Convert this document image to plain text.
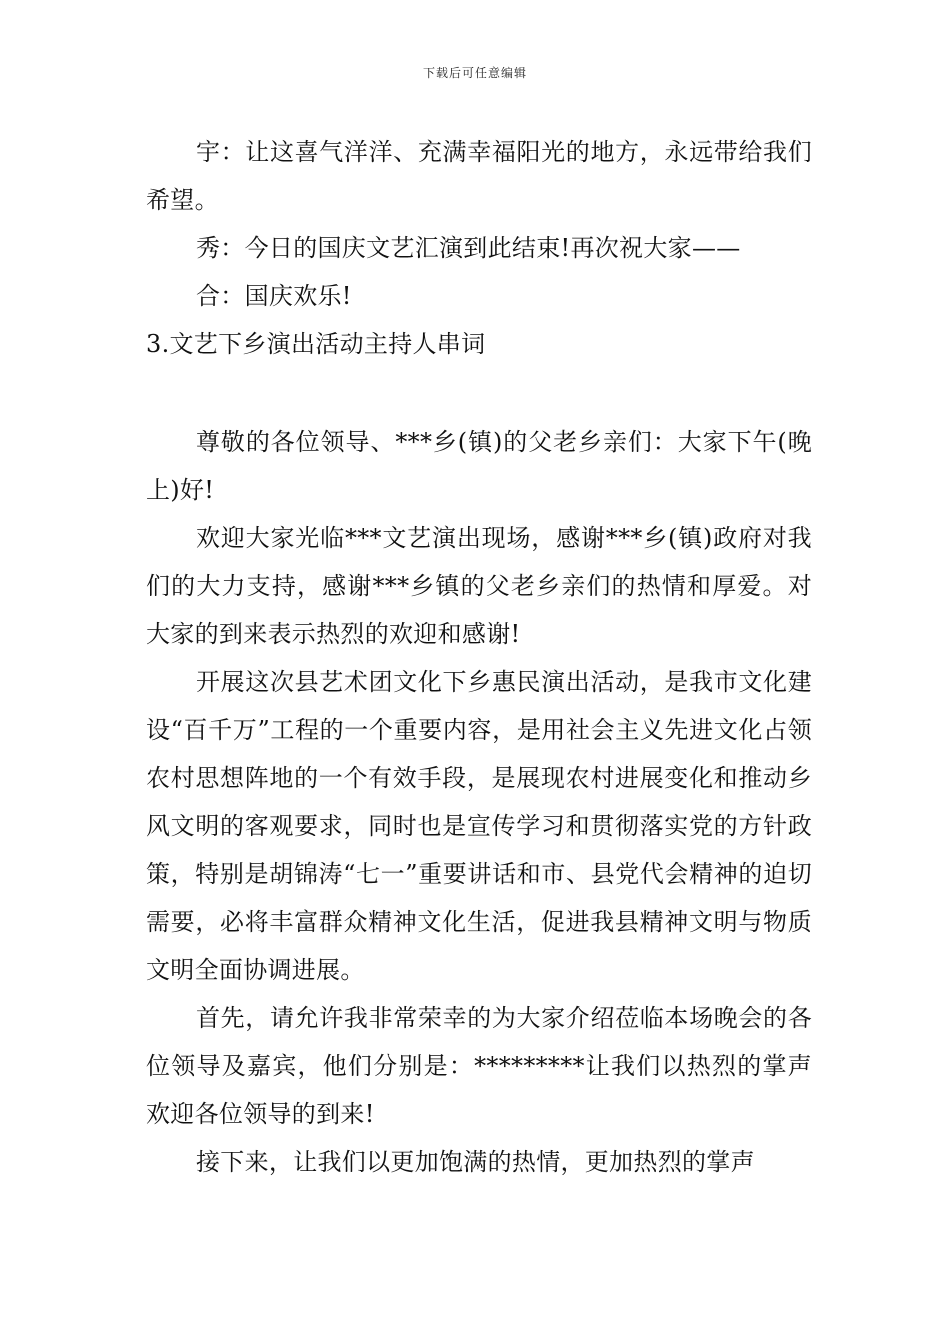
下载后可任意编辑

宇：让这喜气洋洋、充满幸福阳光的地方，永远带给我们希望。

秀：今日的国庆文艺汇演到此结束!再次祝大家——

合：国庆欢乐!

3.文艺下乡演出活动主持人串词

尊敬的各位领导、***乡(镇)的父老乡亲们：大家下午(晚上)好!

欢迎大家光临***文艺演出现场，感谢***乡(镇)政府对我们的大力支持，感谢***乡镇的父老乡亲们的热情和厚爱。对大家的到来表示热烈的欢迎和感谢!

开展这次县艺术团文化下乡惠民演出活动，是我市文化建设“百千万”工程的一个重要内容，是用社会主义先进文化占领农村思想阵地的一个有效手段，是展现农村进展变化和推动乡风文明的客观要求，同时也是宣传学习和贯彻落实党的方针政策，特别是胡锦涛“七一”重要讲话和市、县党代会精神的迫切需要，必将丰富群众精神文化生活，促进我县精神文明与物质文明全面协调进展。

首先，请允许我非常荣幸的为大家介绍莅临本场晚会的各位领导及嘉宾，他们分别是：*********让我们以热烈的掌声欢迎各位领导的到来!

接下来，让我们以更加饱满的热情，更加热烈的掌声
